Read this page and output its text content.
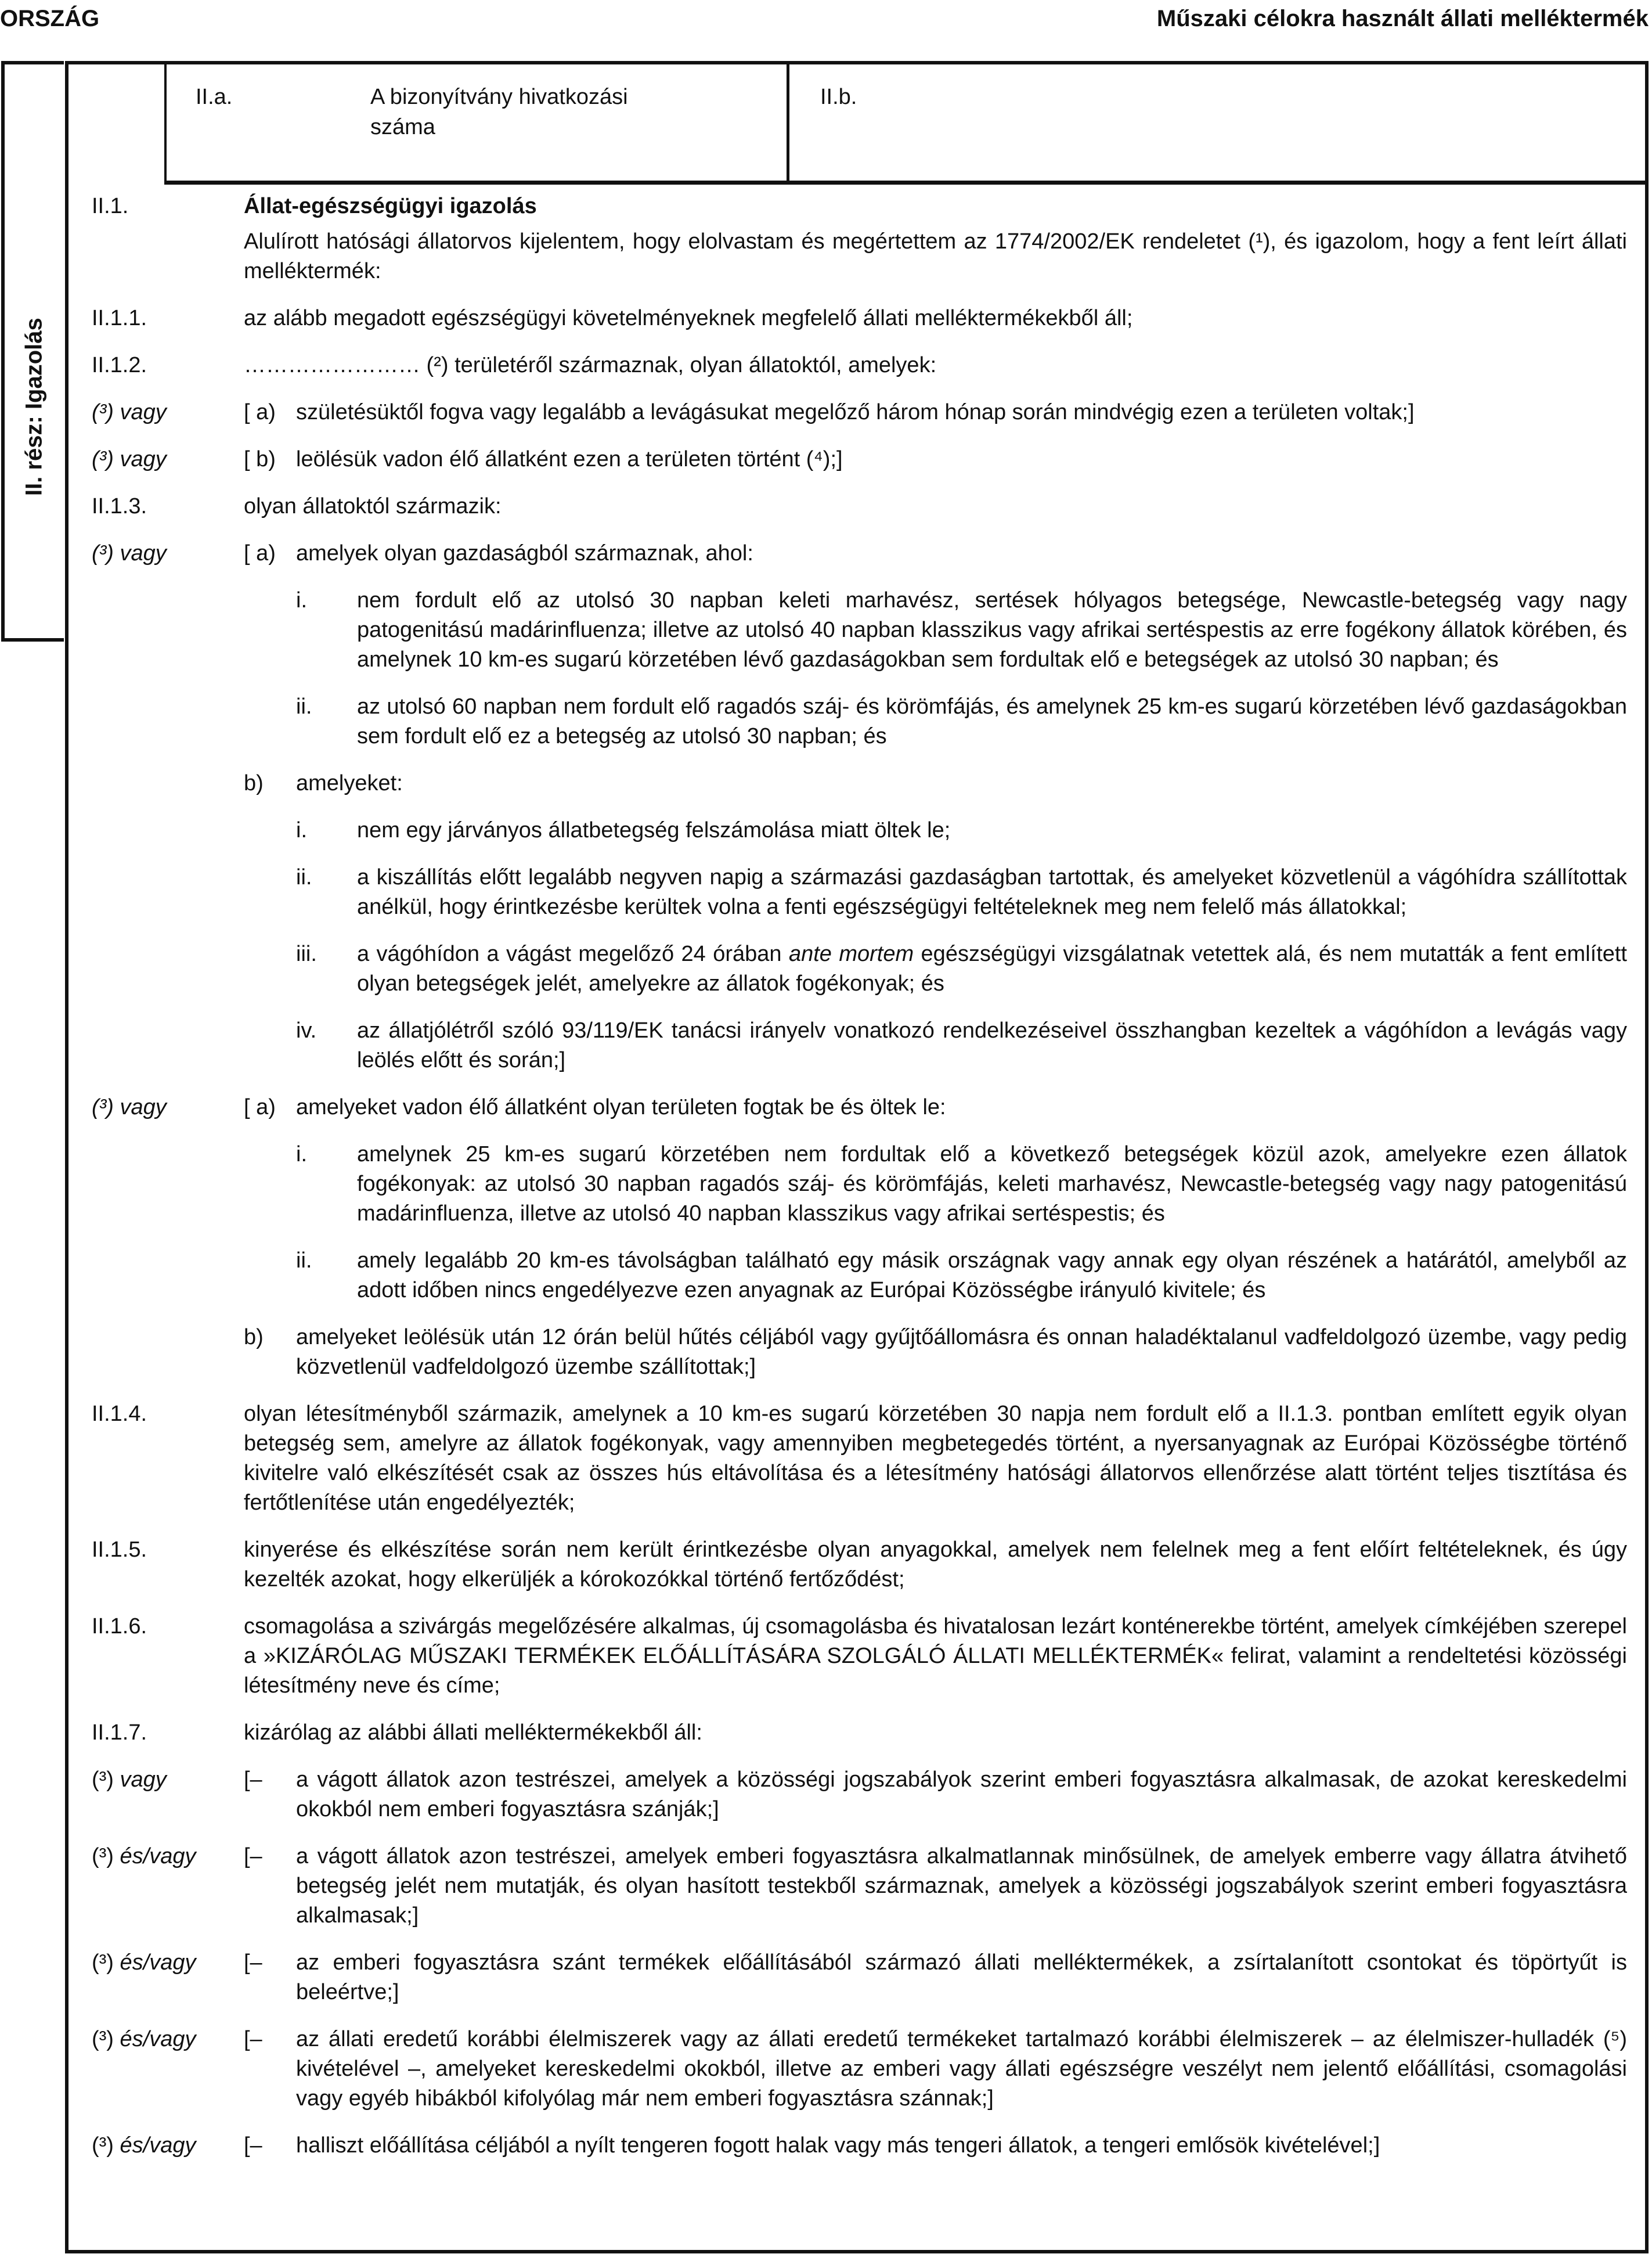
ORSZÁG	Műszaki célokra használt állati melléktermék
II. rész: Igazolás
II.a.	A bizonyítvány hivatkozási száma
II.b.
II.1.	Állat-egészségügyi igazolás
Alulírott hatósági állatorvos kijelentem, hogy elolvastam és megértettem az 1774/2002/EK rendeletet (¹), és igazolom, hogy a fent leírt állati melléktermék:
II.1.1.	az alább megadott egészségügyi követelményeknek megfelelő állati melléktermékekből áll;
II.1.2.	…………………… (²) területéről származnak, olyan állatoktól, amelyek:
(³) vagy	[ a) születésüktől fogva vagy legalább a levágásukat megelőző három hónap során mindvégig ezen a területen voltak;]
(³) vagy	[ b) leölésük vadon élő állatként ezen a területen történt (⁴);]
II.1.3.	olyan állatoktól származik:
(³) vagy	[ a) amelyek olyan gazdaságból származnak, ahol:
i.	nem fordult elő az utolsó 30 napban keleti marhavész, sertések hólyagos betegsége, Newcastle-betegség vagy nagy patogenitású madárinfluenza; illetve az utolsó 40 napban klasszikus vagy afrikai sertéspestis az erre fogékony állatok körében, és amelynek 10 km-es sugarú körzetében lévő gazdaságokban sem fordultak elő e betegségek az utolsó 30 napban; és
ii.	az utolsó 60 napban nem fordult elő ragadós száj- és körömfájás, és amelynek 25 km-es sugarú körzetében lévő gazdaságokban sem fordult elő ez a betegség az utolsó 30 napban; és
b)	amelyeket:
i.	nem egy járványos állatbetegség felszámolása miatt öltek le;
ii.	a kiszállítás előtt legalább negyven napig a származási gazdaságban tartottak, és amelyeket közvetlenül a vágóhídra szállítottak anélkül, hogy érintkezésbe kerültek volna a fenti egészségügyi feltételeknek meg nem felelő más állatokkal;
iii.	a vágóhídon a vágást megelőző 24 órában ante mortem egészségügyi vizsgálatnak vetettek alá, és nem mutatták a fent említett olyan betegségek jelét, amelyekre az állatok fogékonyak; és
iv.	az állatjólétről szóló 93/119/EK tanácsi irányelv vonatkozó rendelkezéseivel összhangban kezeltek a vágóhídon a levágás vagy leölés előtt és során;]
(³) vagy	[ a) amelyeket vadon élő állatként olyan területen fogtak be és öltek le:
i.	amelynek 25 km-es sugarú körzetében nem fordultak elő a következő betegségek közül azok, amelyekre ezen állatok fogékonyak: az utolsó 30 napban ragadós száj- és körömfájás, keleti marhavész, Newcastle-betegség vagy nagy patogenitású madárinfluenza, illetve az utolsó 40 napban klasszikus vagy afrikai sertéspestis; és
ii.	amely legalább 20 km-es távolságban található egy másik országnak vagy annak egy olyan részének a határától, amelyből az adott időben nincs engedélyezve ezen anyagnak az Európai Közösségbe irányuló kivitele; és
b)	amelyeket leölésük után 12 órán belül hűtés céljából vagy gyűjtőállomásra és onnan haladéktalanul vadfeldolgozó üzembe, vagy pedig közvetlenül vadfeldolgozó üzembe szállítottak;]
II.1.4.	olyan létesítményből származik, amelynek a 10 km-es sugarú körzetében 30 napja nem fordult elő a II.1.3. pontban említett egyik olyan betegség sem, amelyre az állatok fogékonyak, vagy amennyiben megbetegedés történt, a nyersanyagnak az Európai Közösségbe történő kivitelre való elkészítését csak az összes hús eltávolítása és a létesítmény hatósági állatorvos ellenőrzése alatt történt teljes tisztítása és fertőtlenítése után engedélyezték;
II.1.5.	kinyerése és elkészítése során nem került érintkezésbe olyan anyagokkal, amelyek nem felelnek meg a fent előírt feltételeknek, és úgy kezelték azokat, hogy elkerüljék a kórokozókkal történő fertőződést;
II.1.6.	csomagolása a szivárgás megelőzésére alkalmas, új csomagolásba és hivatalosan lezárt konténerekbe történt, amelyek címkéjében szerepel a »KIZÁRÓLAG MŰSZAKI TERMÉKEK ELŐÁLLÍTÁSÁRA SZOLGÁLÓ ÁLLATI MELLÉKTERMÉK« felirat, valamint a rendeltetési közösségi létesítmény neve és címe;
II.1.7.	kizárólag az alábbi állati melléktermékekből áll:
(³) vagy	[–	a vágott állatok azon testrészei, amelyek a közösségi jogszabályok szerint emberi fogyasztásra alkalmasak, de azokat kereskedelmi okokból nem emberi fogyasztásra szánják;]
(³) és/vagy	[–	a vágott állatok azon testrészei, amelyek emberi fogyasztásra alkalmatlannak minősülnek, de amelyek emberre vagy állatra átvihető betegség jelét nem mutatják, és olyan hasított testekből származnak, amelyek a közösségi jogszabályok szerint emberi fogyasztásra alkalmasak;]
(³) és/vagy	[–	az emberi fogyasztásra szánt termékek előállításából származó állati melléktermékek, a zsírtalanított csontokat és töpörtyűt is beleértve;]
(³) és/vagy	[–	az állati eredetű korábbi élelmiszerek vagy az állati eredetű termékeket tartalmazó korábbi élelmiszerek – az élelmiszer-hulladék (⁵) kivételével –, amelyeket kereskedelmi okokból, illetve az emberi vagy állati egészségre veszélyt nem jelentő előállítási, csomagolási vagy egyéb hibákból kifolyólag már nem emberi fogyasztásra szánnak;]
(³) és/vagy	[–	halliszt előállítása céljából a nyílt tengeren fogott halak vagy más tengeri állatok, a tengeri emlősök kivételével;]
